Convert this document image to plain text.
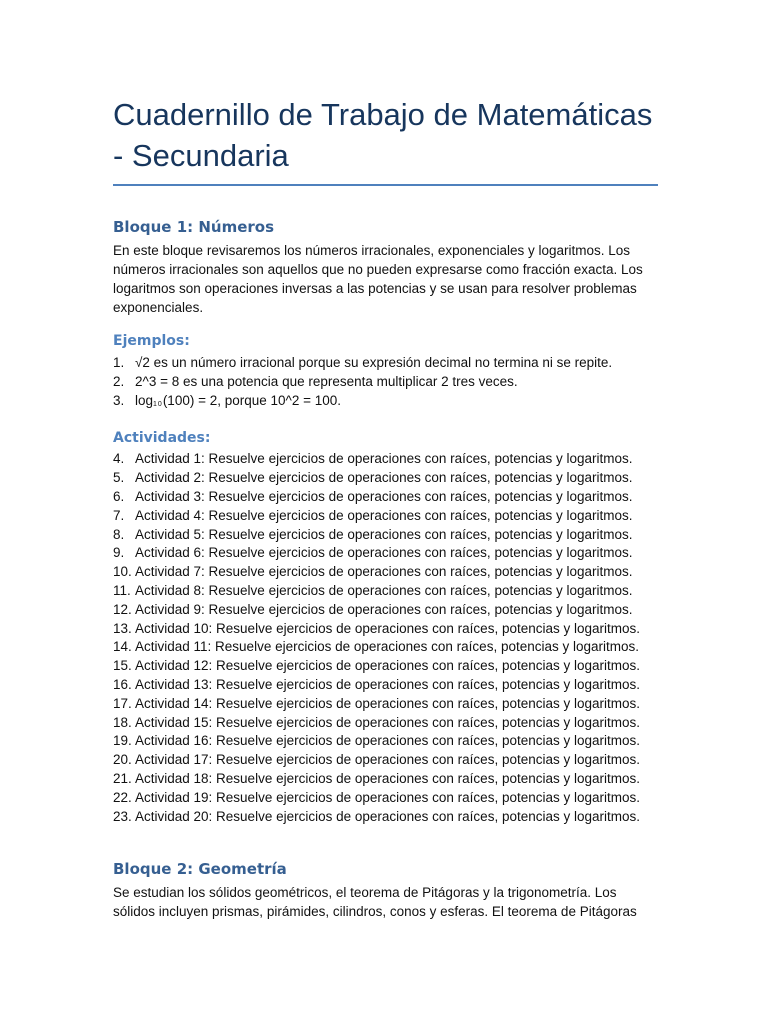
Cuadernillo de Trabajo de Matemáticas - Secundaria
Bloque 1: Números

En este bloque revisaremos los números irracionales, exponenciales y logaritmos. Los números irracionales son aquellos que no pueden expresarse como fracción exacta. Los logaritmos son operaciones inversas a las potencias y se usan para resolver problemas exponenciales.

Ejemplos:
1. √2 es un número irracional porque su expresión decimal no termina ni se repite.
2. 2^3 = 8 es una potencia que representa multiplicar 2 tres veces.
3. log10(100) = 2, porque 10^2 = 100.
Actividades:
4. Actividad 1: Resuelve ejercicios de operaciones con raíces, potencias y logaritmos.
5. Actividad 2: Resuelve ejercicios de operaciones con raíces, potencias y logaritmos.
6. Actividad 3: Resuelve ejercicios de operaciones con raíces, potencias y logaritmos.
7. Actividad 4: Resuelve ejercicios de operaciones con raíces, potencias y logaritmos.
8. Actividad 5: Resuelve ejercicios de operaciones con raíces, potencias y logaritmos.
9. Actividad 6: Resuelve ejercicios de operaciones con raíces, potencias y logaritmos.
10. Actividad 7: Resuelve ejercicios de operaciones con raíces, potencias y logaritmos.
11. Actividad 8: Resuelve ejercicios de operaciones con raíces, potencias y logaritmos.
12. Actividad 9: Resuelve ejercicios de operaciones con raíces, potencias y logaritmos.
13. Actividad 10: Resuelve ejercicios de operaciones con raíces, potencias y logaritmos.
14. Actividad 11: Resuelve ejercicios de operaciones con raíces, potencias y logaritmos.
15. Actividad 12: Resuelve ejercicios de operaciones con raíces, potencias y logaritmos.
16. Actividad 13: Resuelve ejercicios de operaciones con raíces, potencias y logaritmos.
17. Actividad 14: Resuelve ejercicios de operaciones con raíces, potencias y logaritmos.
18. Actividad 15: Resuelve ejercicios de operaciones con raíces, potencias y logaritmos.
19. Actividad 16: Resuelve ejercicios de operaciones con raíces, potencias y logaritmos.
20. Actividad 17: Resuelve ejercicios de operaciones con raíces, potencias y logaritmos.
21. Actividad 18: Resuelve ejercicios de operaciones con raíces, potencias y logaritmos.
22. Actividad 19: Resuelve ejercicios de operaciones con raíces, potencias y logaritmos.
23. Actividad 20: Resuelve ejercicios de operaciones con raíces, potencias y logaritmos.
Bloque 2: Geometría

Se estudian los sólidos geométricos, el teorema de Pitágoras y la trigonometría. Los sólidos incluyen prismas, pirámides, cilindros, conos y esferas. El teorema de Pitágoras
